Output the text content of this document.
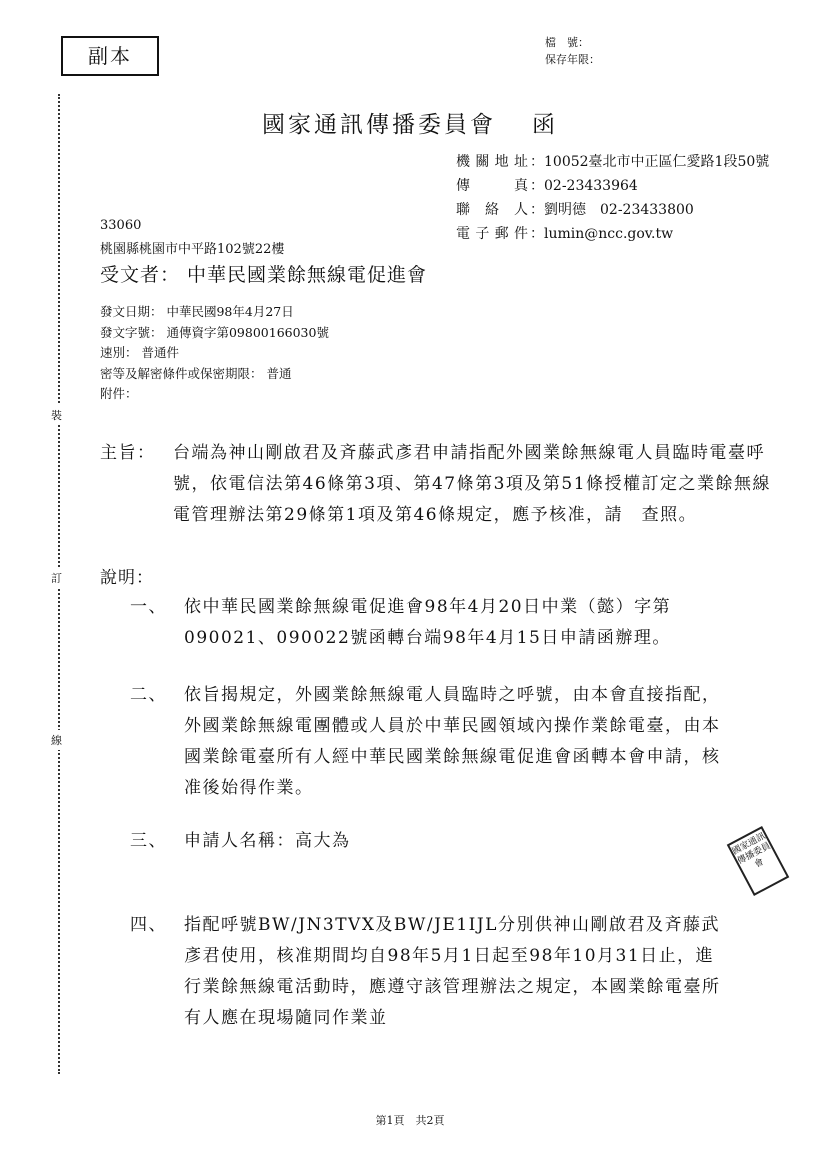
副本
檔　號：
保存年限：
國家通訊傳播委員會 函
機關地址 ：10052臺北市中正區仁愛路1段50號
傳真 ：02-23433964
聯絡人 ：劉明德　02-23433800
電子郵件 ：lumin@ncc.gov.tw
33060
桃園縣桃園市中平路102號22樓
受文者： 中華民國業餘無線電促進會
發文日期： 中華民國98年4月27日
發文字號： 通傳資字第09800166030號
速別： 普通件
密等及解密條件或保密期限： 普通
附件：
主旨：	台端為神山剛啟君及斉藤武彥君申請指配外國業餘無線電人員臨時電臺呼號，依電信法第46條第3項、第47條第3項及第51條授權訂定之業餘無線電管理辦法第29條第1項及第46條規定，應予核准，請　查照。
說明：
一、	依中華民國業餘無線電促進會98年4月20日中業（懿）字第090021、090022號函轉台端98年4月15日申請函辦理。
二、	依旨揭規定，外國業餘無線電人員臨時之呼號，由本會直接指配，外國業餘無線電團體或人員於中華民國領域內操作業餘電臺，由本國業餘電臺所有人經中華民國業餘無線電促進會函轉本會申請，核准後始得作業。
三、	申請人名稱：高大為
四、	指配呼號BW/JN3TVX及BW/JE1IJL分別供神山剛啟君及斉藤武彥君使用，核准期間均自98年5月1日起至98年10月31日止，進行業餘無線電活動時，應遵守該管理辦法之規定，本國業餘電臺所有人應在現場隨同作業並
裝
訂
線
國家通訊傳播委員會
第1頁　共2頁
